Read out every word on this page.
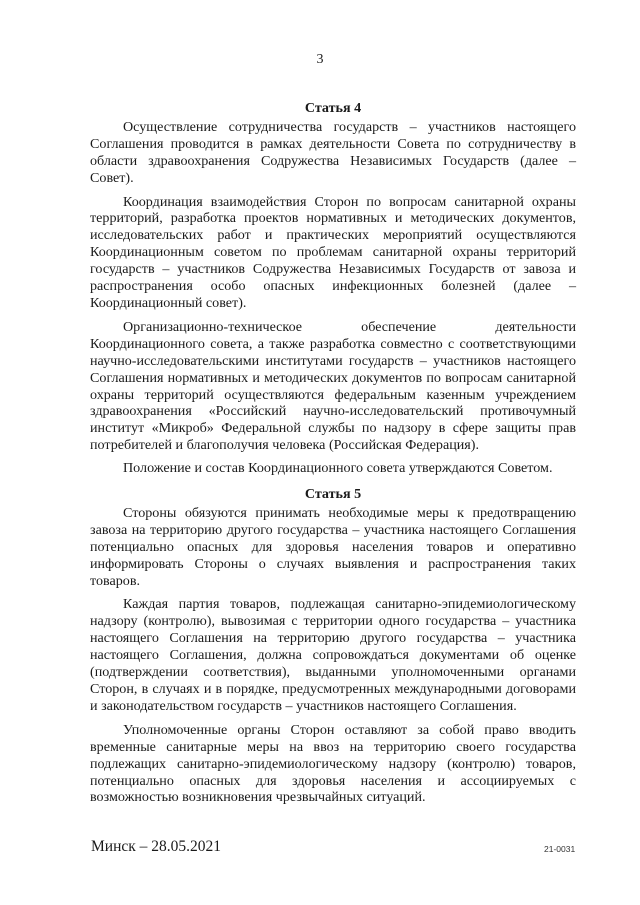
3
Статья 4

Осуществление сотрудничества государств – участников настоящего Соглашения проводится в рамках деятельности Совета по сотрудничеству в области здравоохранения Содружества Независимых Государств (далее – Совет).

Координация взаимодействия Сторон по вопросам санитарной охраны территорий, разработка проектов нормативных и методических документов, исследовательских работ и практических мероприятий осуществляются Координационным советом по проблемам санитарной охраны территорий государств – участников Содружества Независимых Государств от завоза и распространения особо опасных инфекционных болезней (далее – Координационный совет).

Организационно-техническое обеспечение деятельности Координационного совета, а также разработка совместно с соответствующими научно-исследовательскими институтами государств – участников настоящего Соглашения нормативных и методических документов по вопросам санитарной охраны территорий осуществляются федеральным казенным учреждением здравоохранения «Российский научно-исследовательский противочумный институт «Микроб» Федеральной службы по надзору в сфере защиты прав потребителей и благополучия человека (Российская Федерация).

Положение и состав Координационного совета утверждаются Советом.

Статья 5

Стороны обязуются принимать необходимые меры к предотвращению завоза на территорию другого государства – участника настоящего Соглашения потенциально опасных для здоровья населения товаров и оперативно информировать Стороны о случаях выявления и распространения таких товаров.

Каждая партия товаров, подлежащая санитарно-эпидемиологическому надзору (контролю), вывозимая с территории одного государства – участника настоящего Соглашения на территорию другого государства – участника настоящего Соглашения, должна сопровождаться документами об оценке (подтверждении соответствия), выданными уполномоченными органами Сторон, в случаях и в порядке, предусмотренных международными договорами и законодательством государств – участников настоящего Соглашения.

Уполномоченные органы Сторон оставляют за собой право вводить временные санитарные меры на ввоз на территорию своего государства подлежащих санитарно-эпидемиологическому надзору (контролю) товаров, потенциально опасных для здоровья населения и ассоциируемых с возможностью возникновения чрезвычайных ситуаций.

Минск – 28.05.2021	21-0031
